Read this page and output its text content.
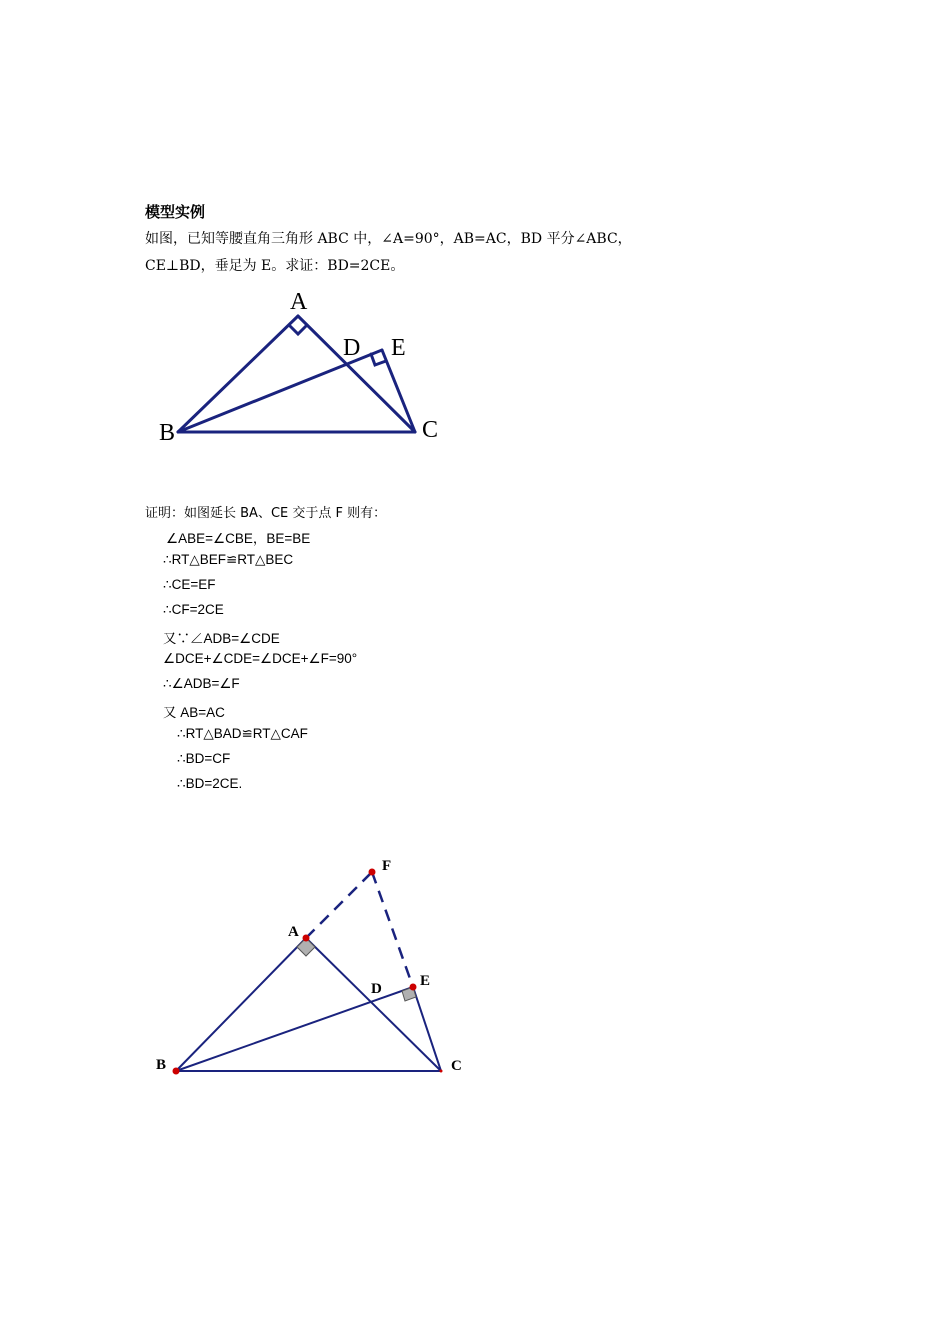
模型实例
如图，已知等腰直角三角形 ABC 中，∠A=90°，AB=AC，BD 平分∠ABC，
CE⊥BD，垂足为 E。求证：BD=2CE。
A
B	C
D E
证明：如图延长 BA、CE 交于点 F 则有：
∠ABE=∠CBE，BE=BE
∴RT△BEF≌RT△BEC
∴CE=EF
∴CF=2CE
又∵∠ADB=∠CDE
∠DCE+∠CDE=∠DCE+∠F=90°
∴∠ADB=∠F
又 AB=AC
∴RT△BAD≌RT△CAF
∴BD=CF
∴BD=2CE.
A
B	C
D	E
F
